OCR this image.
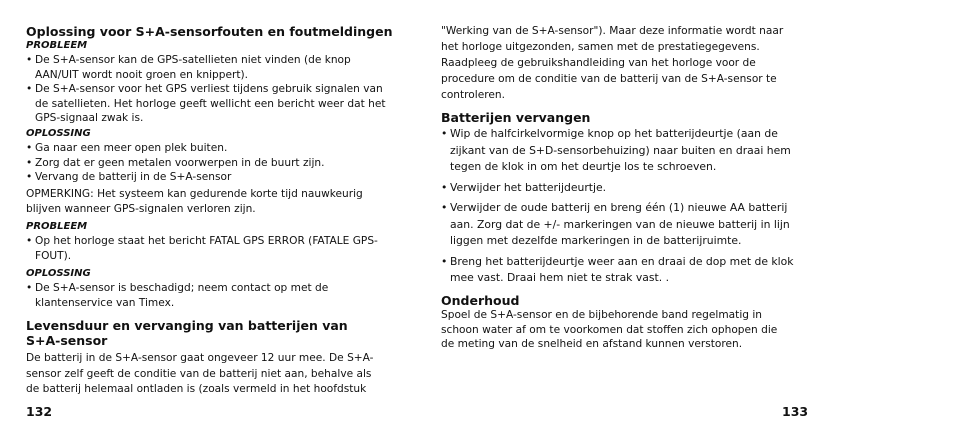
Oplossing voor S+A-sensorfouten en foutmeldingen

PROBLEEM

• De S+A-sensor kan de GPS-satellieten niet vinden (de knop AAN/UIT wordt nooit groen en knippert).

• De S+A-sensor voor het GPS verliest tijdens gebruik signalen van de satellieten. Het horloge geeft wellicht een bericht weer dat het GPS-signaal zwak is.

OPLOSSING

• Ga naar een meer open plek buiten.

• Zorg dat er geen metalen voorwerpen in de buurt zijn.

• Vervang de batterij in de S+A-sensor

OPMERKING: Het systeem kan gedurende korte tijd nauwkeurig blijven wanneer GPS-signalen verloren zijn.

PROBLEEM

• Op het horloge staat het bericht FATAL GPS ERROR (FATALE GPS-FOUT).

OPLOSSING

• De S+A-sensor is beschadigd; neem contact op met de klantenservice van Timex.

Levensduur en vervanging van batterijen van S+A-sensor

De batterij in de S+A-sensor gaat ongeveer 12 uur mee. De S+A-sensor zelf geeft de conditie van de batterij niet aan, behalve als de batterij helemaal ontladen is (zoals vermeld in het hoofdstuk

132

"Werking van de S+A-sensor"). Maar deze informatie wordt naar het horloge uitgezonden, samen met de prestatiegegevens. Raadpleeg de gebruikshandleiding van het horloge voor de procedure om de conditie van de batterij van de S+A-sensor te controleren.

Batterijen vervangen

• Wip de halfcirkelvormige knop op het batterijdeurtje (aan de zijkant van de S+D-sensorbehuizing) naar buiten en draai hem tegen de klok in om het deurtje los te schroeven.

• Verwijder het batterijdeurtje.

• Verwijder de oude batterij en breng één (1) nieuwe AA batterij aan. Zorg dat de +/- markeringen van de nieuwe batterij in lijn liggen met dezelfde markeringen in de batterijruimte.

• Breng het batterijdeurtje weer aan en draai de dop met de klok mee vast. Draai hem niet te strak vast. .

Onderhoud

Spoel de S+A-sensor en de bijbehorende band regelmatig in schoon water af om te voorkomen dat stoffen zich ophopen die de meting van de snelheid en afstand kunnen verstoren.

133
